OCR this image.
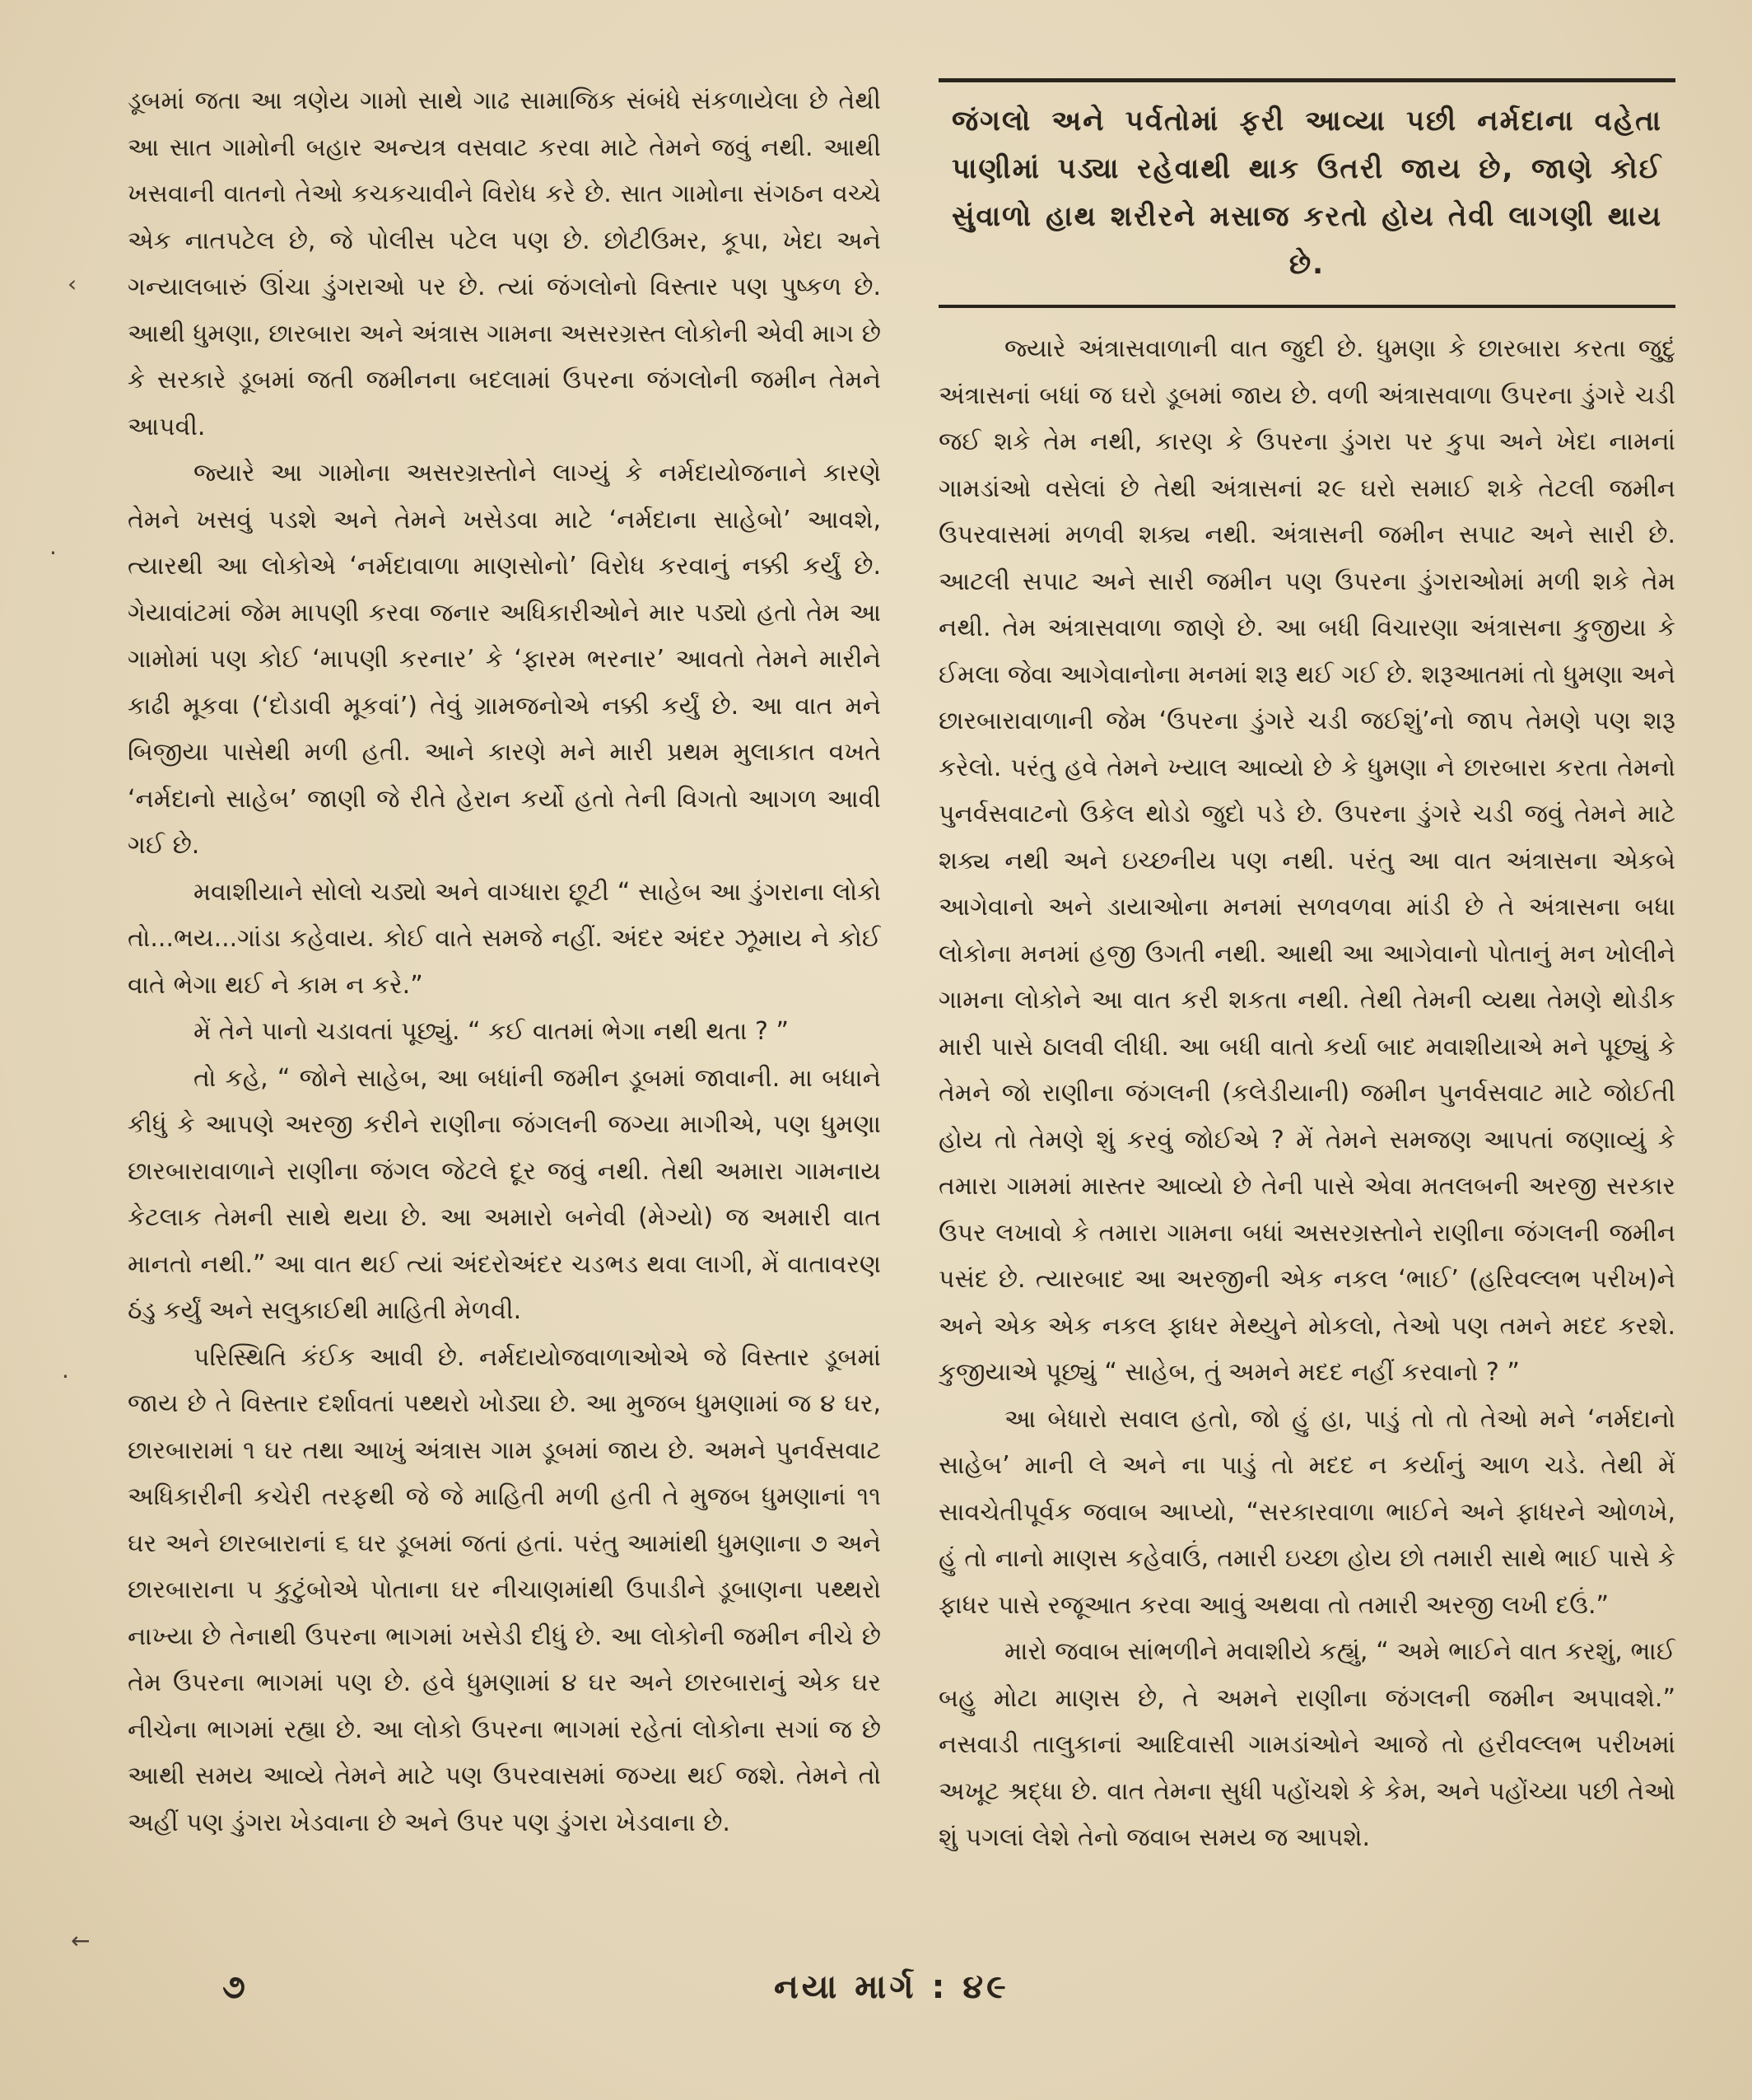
‹
·
·
←

ડૂબમાં જતા આ ત્રણેય ગામો સાથે ગાઢ સામાજિક સંબંધે સંકળાયેલા છે તેથી આ સાત ગામોની બહાર અન્યત્ર વસવાટ કરવા માટે તેમને જવું નથી. આથી ખસવાની વાતનો તેઓ કચકચાવીને વિરોધ કરે છે. સાત ગામોના સંગઠન વચ્ચે એક નાતપટેલ છે, જે પોલીસ પટેલ પણ છે. છોટીઉમર, કૂપા, ખેદા અને ગન્યાલબારું ઊંચા ડુંગરાઓ પર છે. ત્યાં જંગલોનો વિસ્તાર પણ પુષ્કળ છે. આથી ધુમણા, છારબારા અને અંત્રાસ ગામના અસરગ્રસ્ત લોકોની એવી માગ છે કે સરકારે ડૂબમાં જતી જમીનના બદલામાં ઉપરના જંગલોની જમીન તેમને આપવી.

જ્યારે આ ગામોના અસરગ્રસ્તોને લાગ્યું કે નર્મદાયોજનાને કારણે તેમને ખસવું પડશે અને તેમને ખસેડવા માટે ‘નર્મદાના સાહેબો’ આવશે, ત્યારથી આ લોકોએ ‘નર્મદાવાળા માણસોનો’ વિરોધ કરવાનું નક્કી કર્યું છે. ગેયાવાંટમાં જેમ માપણી કરવા જનાર અધિકારીઓને માર પડ્યો હતો તેમ આ ગામોમાં પણ કોઈ ‘માપણી કરનાર’ કે ‘ફારમ ભરનાર’ આવતો તેમને મારીને કાઢી મૂકવા (‘દોડાવી મૂકવાં’) તેવું ગ્રામજનોએ નક્કી કર્યું છે. આ વાત મને બિજીયા પાસેથી મળી હતી. આને કારણે મને મારી પ્રથમ મુલાકાત વખતે ‘નર્મદાનો સાહેબ’ જાણી જે રીતે હેરાન કર્યો હતો તેની વિગતો આગળ આવી ગઈ છે.

મવાશીયાને સોલો ચડ્યો અને વાગ્ધારા છૂટી “ સાહેબ આ ડુંગરાના લોકો તો...ભય...ગાંડા કહેવાય. કોઈ વાતે સમજે નહીં. અંદર અંદર ઝૂમાય ને કોઈ વાતે ભેગા થઈ ને કામ ન કરે.”

મેં તેને પાનો ચડાવતાં પૂછ્યું. “ કઈ વાતમાં ભેગા નથી થતા ? ”

તો કહે, “ જોને સાહેબ, આ બધાંની જમીન ડૂબમાં જાવાની. મા બધાને કીધું કે આપણે અરજી કરીને રાણીના જંગલની જગ્યા માગીએ, પણ ધુમણા છારબારાવાળાને રાણીના જંગલ જેટલે દૂર જવું નથી. તેથી અમારા ગામનાય કેટલાક તેમની સાથે થયા છે. આ અમારો બનેવી (મેગ્યો) જ અમારી વાત માનતો નથી.” આ વાત થઈ ત્યાં અંદરોઅંદર ચડભડ થવા લાગી, મેં વાતાવરણ ઠંડુ કર્યું અને સલુકાઈથી માહિતી મેળવી.

પરિસ્થિતિ કંઈક આવી છે. નર્મદાયોજવાળાઓએ જે વિસ્તાર ડૂબમાં જાય છે તે વિસ્તાર દર્શાવતાં પથ્થરો ખોડ્યા છે. આ મુજબ ધુમણામાં જ ૪ ઘર, છારબારામાં ૧ ઘર તથા આખું અંત્રાસ ગામ ડૂબમાં જાય છે. અમને પુનર્વસવાટ અધિકારીની કચેરી તરફથી જે જે માહિતી મળી હતી તે મુજબ ધુમણાનાં ૧૧ ઘર અને છારબારાનાં ૬ ઘર ડૂબમાં જતાં હતાં. પરંતુ આમાંથી ધુમણાના ૭ અને છારબારાના ૫ કુટુંબોએ પોતાના ઘર નીચાણમાંથી ઉપાડીને ડૂબાણના પથ્થરો નાખ્યા છે તેનાથી ઉપરના ભાગમાં ખસેડી દીધું છે. આ લોકોની જમીન નીચે છે તેમ ઉપરના ભાગમાં પણ છે. હવે ધુમણામાં ૪ ઘર અને છારબારાનું એક ઘર નીચેના ભાગમાં રહ્યા છે. આ લોકો ઉપરના ભાગમાં રહેતાં લોકોના સગાં જ છે આથી સમય આવ્યે તેમને માટે પણ ઉપરવાસમાં જગ્યા થઈ જશે. તેમને તો અહીં પણ ડુંગરા ખેડવાના છે અને ઉપર પણ ડુંગરા ખેડવાના છે.

જંગલો અને પર્વતોમાં ફરી આવ્યા પછી નર્મદાના વહેતા પાણીમાં પડ્યા રહેવાથી થાક ઉતરી જાય છે, જાણે કોઈ સુંવાળો હાથ શરીરને મસાજ કરતો હોય તેવી લાગણી થાય છે.

જ્યારે અંત્રાસવાળાની વાત જુદી છે. ધુમણા કે છારબારા કરતા જુદું અંત્રાસનાં બધાં જ ઘરો ડૂબમાં જાય છે. વળી અંત્રાસવાળા ઉપરના ડુંગરે ચડી જઈ શકે તેમ નથી, કારણ કે ઉપરના ડુંગરા પર કુપા અને ખેદા નામનાં ગામડાંઓ વસેલાં છે તેથી અંત્રાસનાં ૨૯ ઘરો સમાઈ શકે તેટલી જમીન ઉપરવાસમાં મળવી શક્ય નથી. અંત્રાસની જમીન સપાટ અને સારી છે. આટલી સપાટ અને સારી જમીન પણ ઉપરના ડુંગરાઓમાં મળી શકે તેમ નથી. તેમ અંત્રાસવાળા જાણે છે. આ બધી વિચારણા અંત્રાસના કુજીયા કે ઈમલા જેવા આગેવાનોના મનમાં શરૂ થઈ ગઈ છે. શરૂઆતમાં તો ધુમણા અને છારબારાવાળાની જેમ ‘ઉપરના ડુંગરે ચડી જઈશું’નો જાપ તેમણે પણ શરૂ કરેલો. પરંતુ હવે તેમને ખ્યાલ આવ્યો છે કે ધુમણા ને છારબારા કરતા તેમનો પુનર્વસવાટનો ઉકેલ થોડો જુદો પડે છે. ઉપરના ડુંગરે ચડી જવું તેમને માટે શક્ય નથી અને ઇચ્છનીય પણ નથી. પરંતુ આ વાત અંત્રાસના એકબે આગેવાનો અને ડાયાઓના મનમાં સળવળવા માંડી છે તે અંત્રાસના બધા લોકોના મનમાં હજી ઉગતી નથી. આથી આ આગેવાનો પોતાનું મન ખોલીને ગામના લોકોને આ વાત કરી શકતા નથી. તેથી તેમની વ્યથા તેમણે થોડીક મારી પાસે ઠાલવી લીધી. આ બધી વાતો કર્યા બાદ મવાશીયાએ મને પૂછ્યું કે તેમને જો રાણીના જંગલની (કલેડીયાની) જમીન પુનર્વસવાટ માટે જોઈતી હોય તો તેમણે શું કરવું જોઈએ ? મેં તેમને સમજણ આપતાં જણાવ્યું કે તમારા ગામમાં માસ્તર આવ્યો છે તેની પાસે એવા મતલબની અરજી સરકાર ઉપર લખાવો કે તમારા ગામના બધાં અસરગ્રસ્તોને રાણીના જંગલની જમીન પસંદ છે. ત્યારબાદ આ અરજીની એક નકલ ‘ભાઈ’ (હરિવલ્લભ પરીખ)ને અને એક એક નકલ ફાધર મેથ્યુને મોકલો, તેઓ પણ તમને મદદ કરશે. કુજીયાએ પૂછ્યું “ સાહેબ, તું અમને મદદ નહીં કરવાનો ? ”

આ બેધારો સવાલ હતો, જો હું હા, પાડું તો તો તેઓ મને ‘નર્મદાનો સાહેબ’ માની લે અને ના પાડું તો મદદ ન કર્યાનું આળ ચડે. તેથી મેં સાવચેતીપૂર્વક જવાબ આપ્યો, “સરકારવાળા ભાઈને અને ફાધરને ઓળખે, હું તો નાનો માણસ કહેવાઉં, તમારી ઇચ્છા હોય છો તમારી સાથે ભાઈ પાસે કે ફાધર પાસે રજૂઆત કરવા આવું અથવા તો તમારી અરજી લખી દઉં.”

મારો જવાબ સાંભળીને મવાશીયે કહ્યું, “ અમે ભાઈને વાત કરશું, ભાઈ બહુ મોટા માણસ છે, તે અમને રાણીના જંગલની જમીન અપાવશે.” નસવાડી તાલુકાનાં આદિવાસી ગામડાંઓને આજે તો હરીવલ્લભ પરીખમાં અખૂટ શ્રદ્ધા છે. વાત તેમના સુધી પહોંચશે કે કેમ, અને પહોંચ્યા પછી તેઓ શું પગલાં લેશે તેનો જવાબ સમય જ આપશે.

૭	નયા માર્ગ : ૪૯
